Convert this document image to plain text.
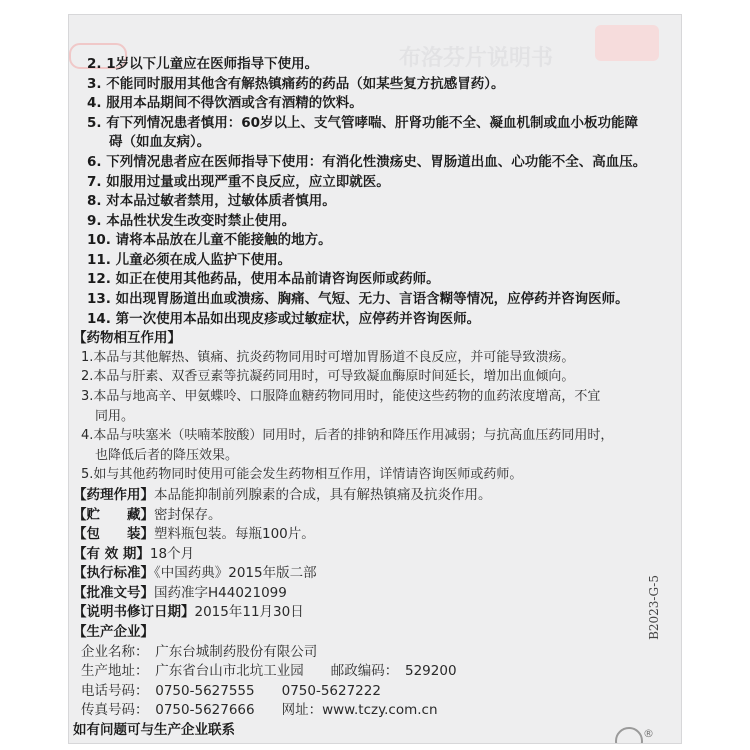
布洛芬片说明书
B2023-G-5
®
2. 1岁以下儿童应在医师指导下使用。
3. 不能同时服用其他含有解热镇痛药的药品（如某些复方抗感冒药）。
4. 服用本品期间不得饮酒或含有酒精的饮料。
5. 有下列情况患者慎用：60岁以上、支气管哮喘、肝肾功能不全、凝血机制或血小板功能障
碍（如血友病）。
6. 下列情况患者应在医师指导下使用：有消化性溃疡史、胃肠道出血、心功能不全、高血压。
7. 如服用过量或出现严重不良反应，应立即就医。
8. 对本品过敏者禁用，过敏体质者慎用。
9. 本品性状发生改变时禁止使用。
10. 请将本品放在儿童不能接触的地方。
11. 儿童必须在成人监护下使用。
12. 如正在使用其他药品，使用本品前请咨询医师或药师。
13. 如出现胃肠道出血或溃疡、胸痛、气短、无力、言语含糊等情况，应停药并咨询医师。
14. 第一次使用本品如出现皮疹或过敏症状，应停药并咨询医师。
【药物相互作用】
1.本品与其他解热、镇痛、抗炎药物同用时可增加胃肠道不良反应，并可能导致溃疡。
2.本品与肝素、双香豆素等抗凝药同用时，可导致凝血酶原时间延长，增加出血倾向。
3.本品与地高辛、甲氨蝶呤、口服降血糖药物同用时，能使这些药物的血药浓度增高，不宜
同用。
4.本品与呋塞米（呋喃苯胺酸）同用时，后者的排钠和降压作用减弱；与抗高血压药同用时，
也降低后者的降压效果。
5.如与其他药物同时使用可能会发生药物相互作用，详情请咨询医师或药师。
【药理作用】本品能抑制前列腺素的合成，具有解热镇痛及抗炎作用。
【贮　　藏】密封保存。
【包　　装】塑料瓶包装。每瓶100片。
【有 效 期】18个月
【执行标准】《中国药典》2015年版二部
【批准文号】国药准字H44021099
【说明书修订日期】2015年11月30日
【生产企业】
企业名称：　广东台城制药股份有限公司
生产地址：　广东省台山市北坑工业园　　邮政编码：　529200
电话号码：　0750-5627555　　0750-5627222
传真号码：　0750-5627666　　网址：www.tczy.com.cn
如有问题可与生产企业联系
